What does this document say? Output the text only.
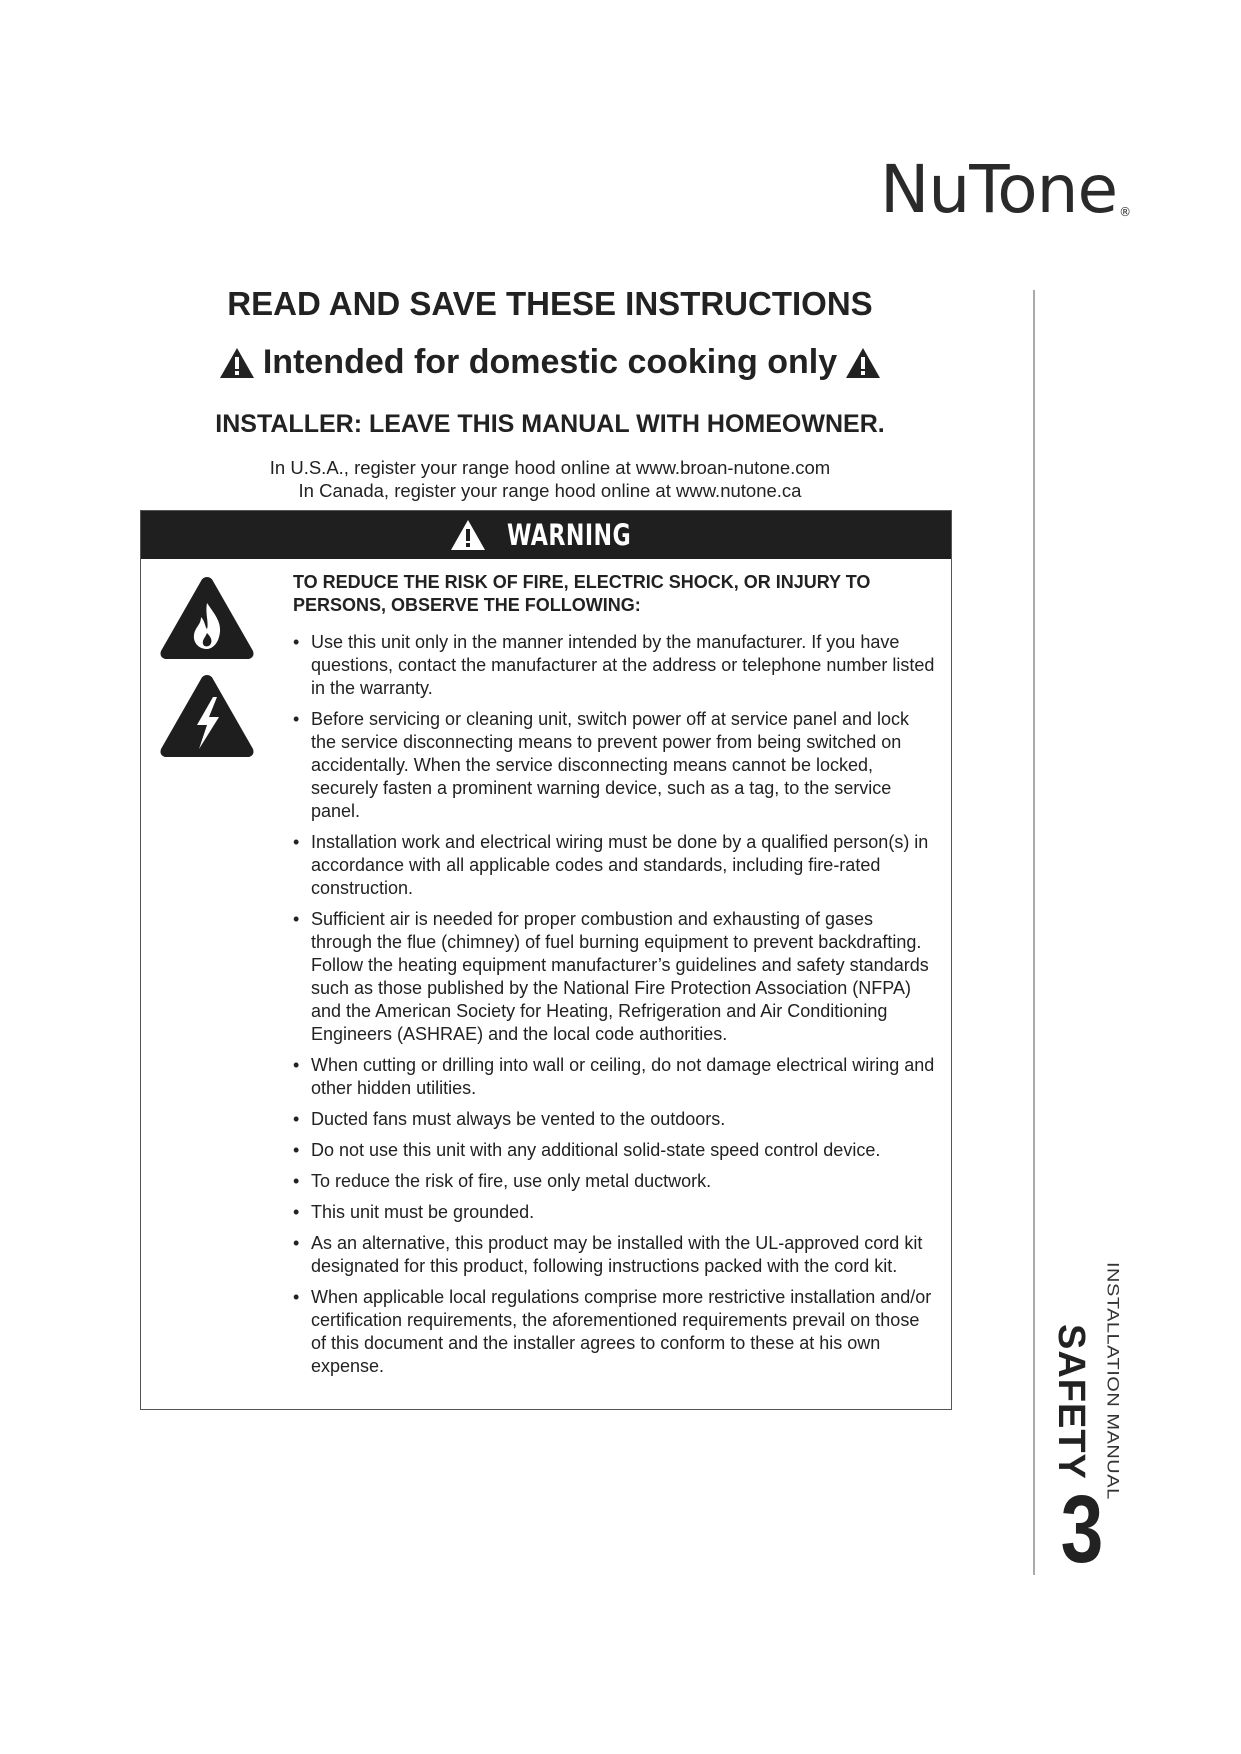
NuTone ®
READ AND SAVE THESE INSTRUCTIONS
Intended for domestic cooking only
INSTALLER: LEAVE THIS MANUAL WITH HOMEOWNER.
In U.S.A., register your range hood online at www.broan-nutone.com
In Canada, register your range hood online at www.nutone.ca
WARNING
TO REDUCE THE RISK OF FIRE, ELECTRIC SHOCK, OR INJURY TO PERSONS, OBSERVE THE FOLLOWING:
• Use this unit only in the manner intended by the manufacturer. If you have questions, contact the manufacturer at the address or telephone number listed in the warranty.
• Before servicing or cleaning unit, switch power off at service panel and lock the service disconnecting means to prevent power from being switched on accidentally. When the service disconnecting means cannot be locked, securely fasten a prominent warning device, such as a tag, to the service panel.
• Installation work and electrical wiring must be done by a qualified person(s) in accordance with all applicable codes and standards, including fire-rated construction.
• Sufficient air is needed for proper combustion and exhausting of gases through the flue (chimney) of fuel burning equipment to prevent backdrafting. Follow the heating equipment manufacturer’s guidelines and safety standards such as those published by the National Fire Protection Association (NFPA) and the American Society for Heating, Refrigeration and Air Conditioning Engineers (ASHRAE) and the local code authorities.
• When cutting or drilling into wall or ceiling, do not damage electrical wiring and other hidden utilities.
• Ducted fans must always be vented to the outdoors.
• Do not use this unit with any additional solid-state speed control device.
• To reduce the risk of fire, use only metal ductwork.
• This unit must be grounded.
• As an alternative, this product may be installed with the UL-approved cord kit designated for this product, following instructions packed with the cord kit.
• When applicable local regulations comprise more restrictive installation and/or certification requirements, the aforementioned requirements prevail on those of this document and the installer agrees to conform to these at his own expense.	INSTALLATION MANUAL
SAFETY
3
